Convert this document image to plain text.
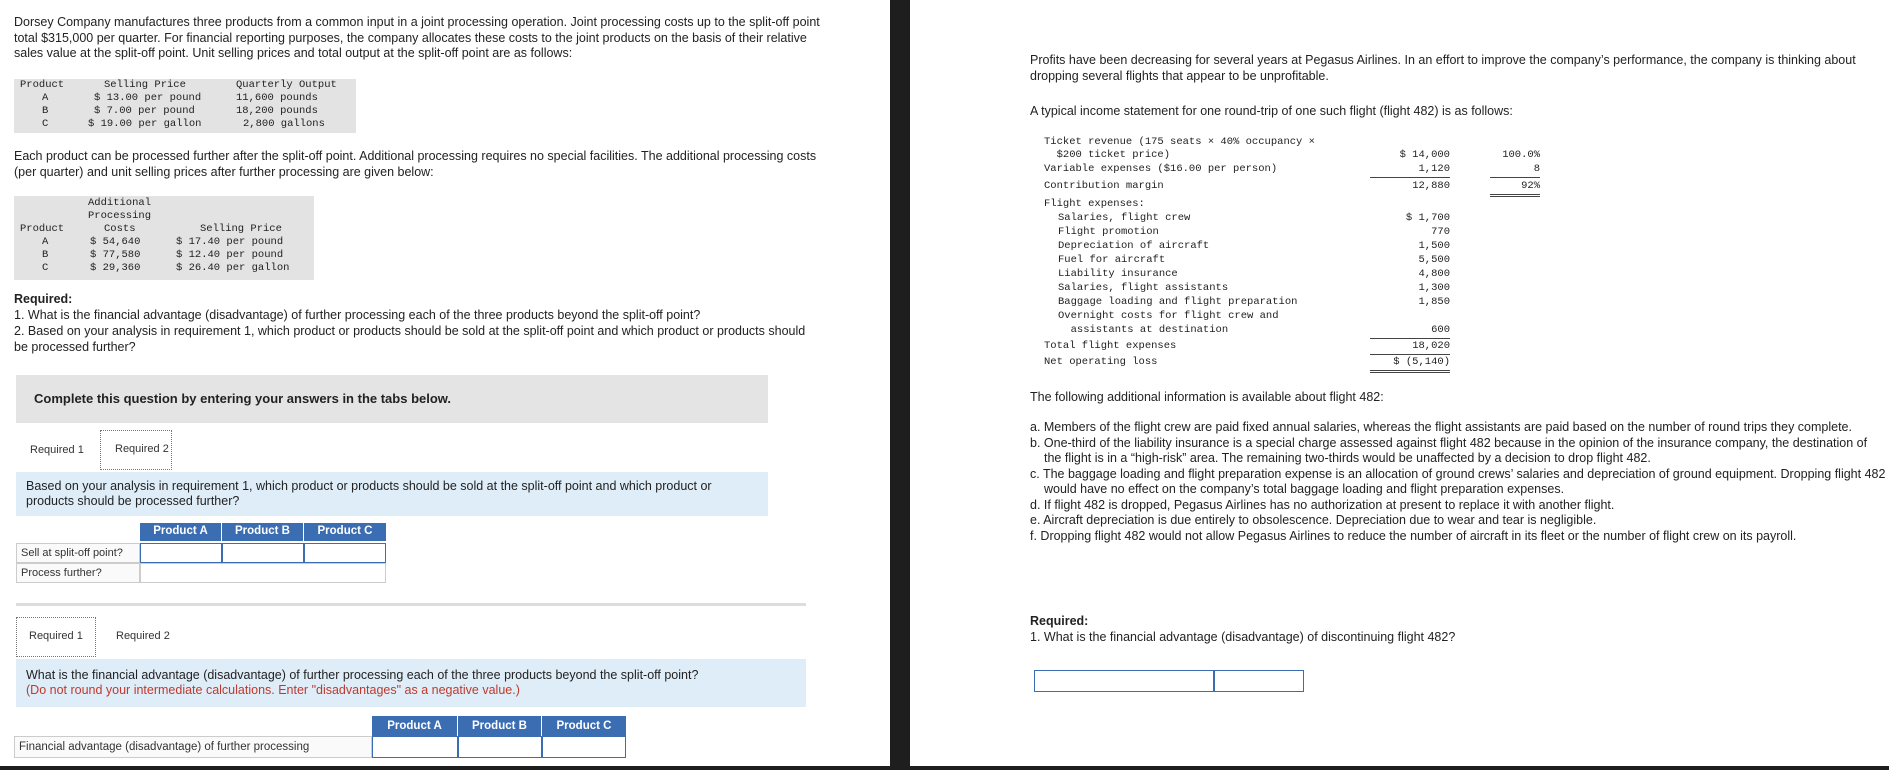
Dorsey Company manufactures three products from a common input in a joint processing operation. Joint processing costs up to the split-off point total $315,000 per quarter. For financial reporting purposes, the company allocates these costs to the joint products on the basis of their relative sales value at the split-off point. Unit selling prices and total output at the split-off point are as follows:

Product	Selling Price	Quarterly Output
A	$ 13.00 per pound	11,600 pounds
B	$ 7.00 per pound	18,200 pounds
C	$ 19.00 per gallon	2,800 gallons

Each product can be processed further after the split-off point. Additional processing requires no special facilities. The additional processing costs (per quarter) and unit selling prices after further processing are given below:

Additional
Processing
Product	Costs	Selling Price
A	$ 54,640	$ 17.40 per pound
B	$ 77,580	$ 12.40 per pound
C	$ 29,360	$ 26.40 per gallon

Required:

1. What is the financial advantage (disadvantage) of further processing each of the three products beyond the split-off point?

2. Based on your analysis in requirement 1, which product or products should be sold at the split-off point and which product or products should be processed further?

Complete this question by entering your answers in the tabs below.
Required 1	Required 2
Based on your analysis in requirement 1, which product or products should be sold at the split-off point and which product or products should be processed further?
Product A Product B Product C
Sell at split-off point?
Process further?
Required 1	Required 2
What is the financial advantage (disadvantage) of further processing each of the three products beyond the split-off point?
(Do not round your intermediate calculations. Enter "disadvantages" as a negative value.)
Product A	Product B	Product C
Financial advantage (disadvantage) of further processing

Profits have been decreasing for several years at Pegasus Airlines. In an effort to improve the company’s performance, the company is thinking about dropping several flights that appear to be unprofitable.

A typical income statement for one round-trip of one such flight (flight 482) is as follows:

Ticket revenue (175 seats × 40% occupancy ×
$200 ticket price)	$ 14,000	100.0%
Variable expenses ($16.00 per person)	1,120	8
Contribution margin	12,880	92%
Flight expenses:
Salaries, flight crew	$ 1,700
Flight promotion	770
Depreciation of aircraft	1,500
Fuel for aircraft	5,500
Liability insurance	4,800
Salaries, flight assistants	1,300
Baggage loading and flight preparation	1,850
Overnight costs for flight crew and
assistants at destination	600
Total flight expenses	18,020
Net operating loss	$ (5,140)

The following additional information is available about flight 482:

a. Members of the flight crew are paid fixed annual salaries, whereas the flight assistants are paid based on the number of round trips they complete.

b. One-third of the liability insurance is a special charge assessed against flight 482 because in the opinion of the insurance company, the destination of the flight is in a “high-risk” area. The remaining two-thirds would be unaffected by a decision to drop flight 482.

c. The baggage loading and flight preparation expense is an allocation of ground crews’ salaries and depreciation of ground equipment. Dropping flight 482 would have no effect on the company’s total baggage loading and flight preparation expenses.

d. If flight 482 is dropped, Pegasus Airlines has no authorization at present to replace it with another flight.

e. Aircraft depreciation is due entirely to obsolescence. Depreciation due to wear and tear is negligible.

f. Dropping flight 482 would not allow Pegasus Airlines to reduce the number of aircraft in its fleet or the number of flight crew on its payroll.

Required:

1. What is the financial advantage (disadvantage) of discontinuing flight 482?
